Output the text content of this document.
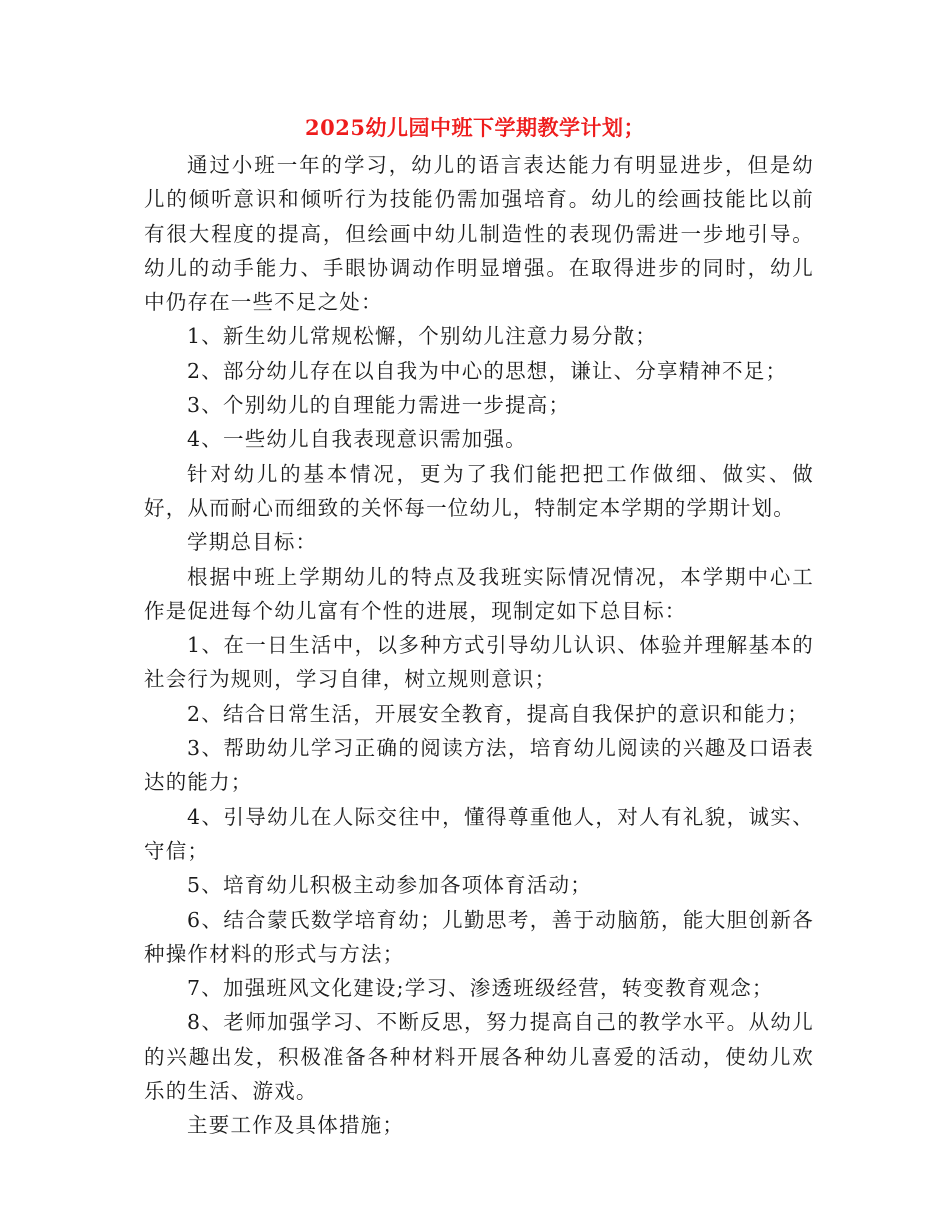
2025幼儿园中班下学期教学计划；

通过小班一年的学习，幼儿的语言表达能力有明显进步，但是幼儿的倾听意识和倾听行为技能仍需加强培育。幼儿的绘画技能比以前有很大程度的提高，但绘画中幼儿制造性的表现仍需进一步地引导。幼儿的动手能力、手眼协调动作明显增强。在取得进步的同时，幼儿中仍存在一些不足之处：

1、新生幼儿常规松懈，个别幼儿注意力易分散；

2、部分幼儿存在以自我为中心的思想，谦让、分享精神不足；

3、个别幼儿的自理能力需进一步提高；

4、一些幼儿自我表现意识需加强。

针对幼儿的基本情况，更为了我们能把把工作做细、做实、做好，从而耐心而细致的关怀每一位幼儿，特制定本学期的学期计划。

学期总目标：

根据中班上学期幼儿的特点及我班实际情况情况，本学期中心工作是促进每个幼儿富有个性的进展，现制定如下总目标：

1、在一日生活中，以多种方式引导幼儿认识、体验并理解基本的社会行为规则，学习自律，树立规则意识；

2、结合日常生活，开展安全教育，提高自我保护的意识和能力；

3、帮助幼儿学习正确的阅读方法，培育幼儿阅读的兴趣及口语表达的能力；

4、引导幼儿在人际交往中，懂得尊重他人，对人有礼貌，诚实、守信；

5、培育幼儿积极主动参加各项体育活动；

6、结合蒙氏数学培育幼；儿勤思考，善于动脑筋，能大胆创新各种操作材料的形式与方法；

7、加强班风文化建设;学习、渗透班级经营，转变教育观念；

8、老师加强学习、不断反思，努力提高自己的教学水平。从幼儿的兴趣出发，积极准备各种材料开展各种幼儿喜爱的活动，使幼儿欢乐的生活、游戏。

主要工作及具体措施；
